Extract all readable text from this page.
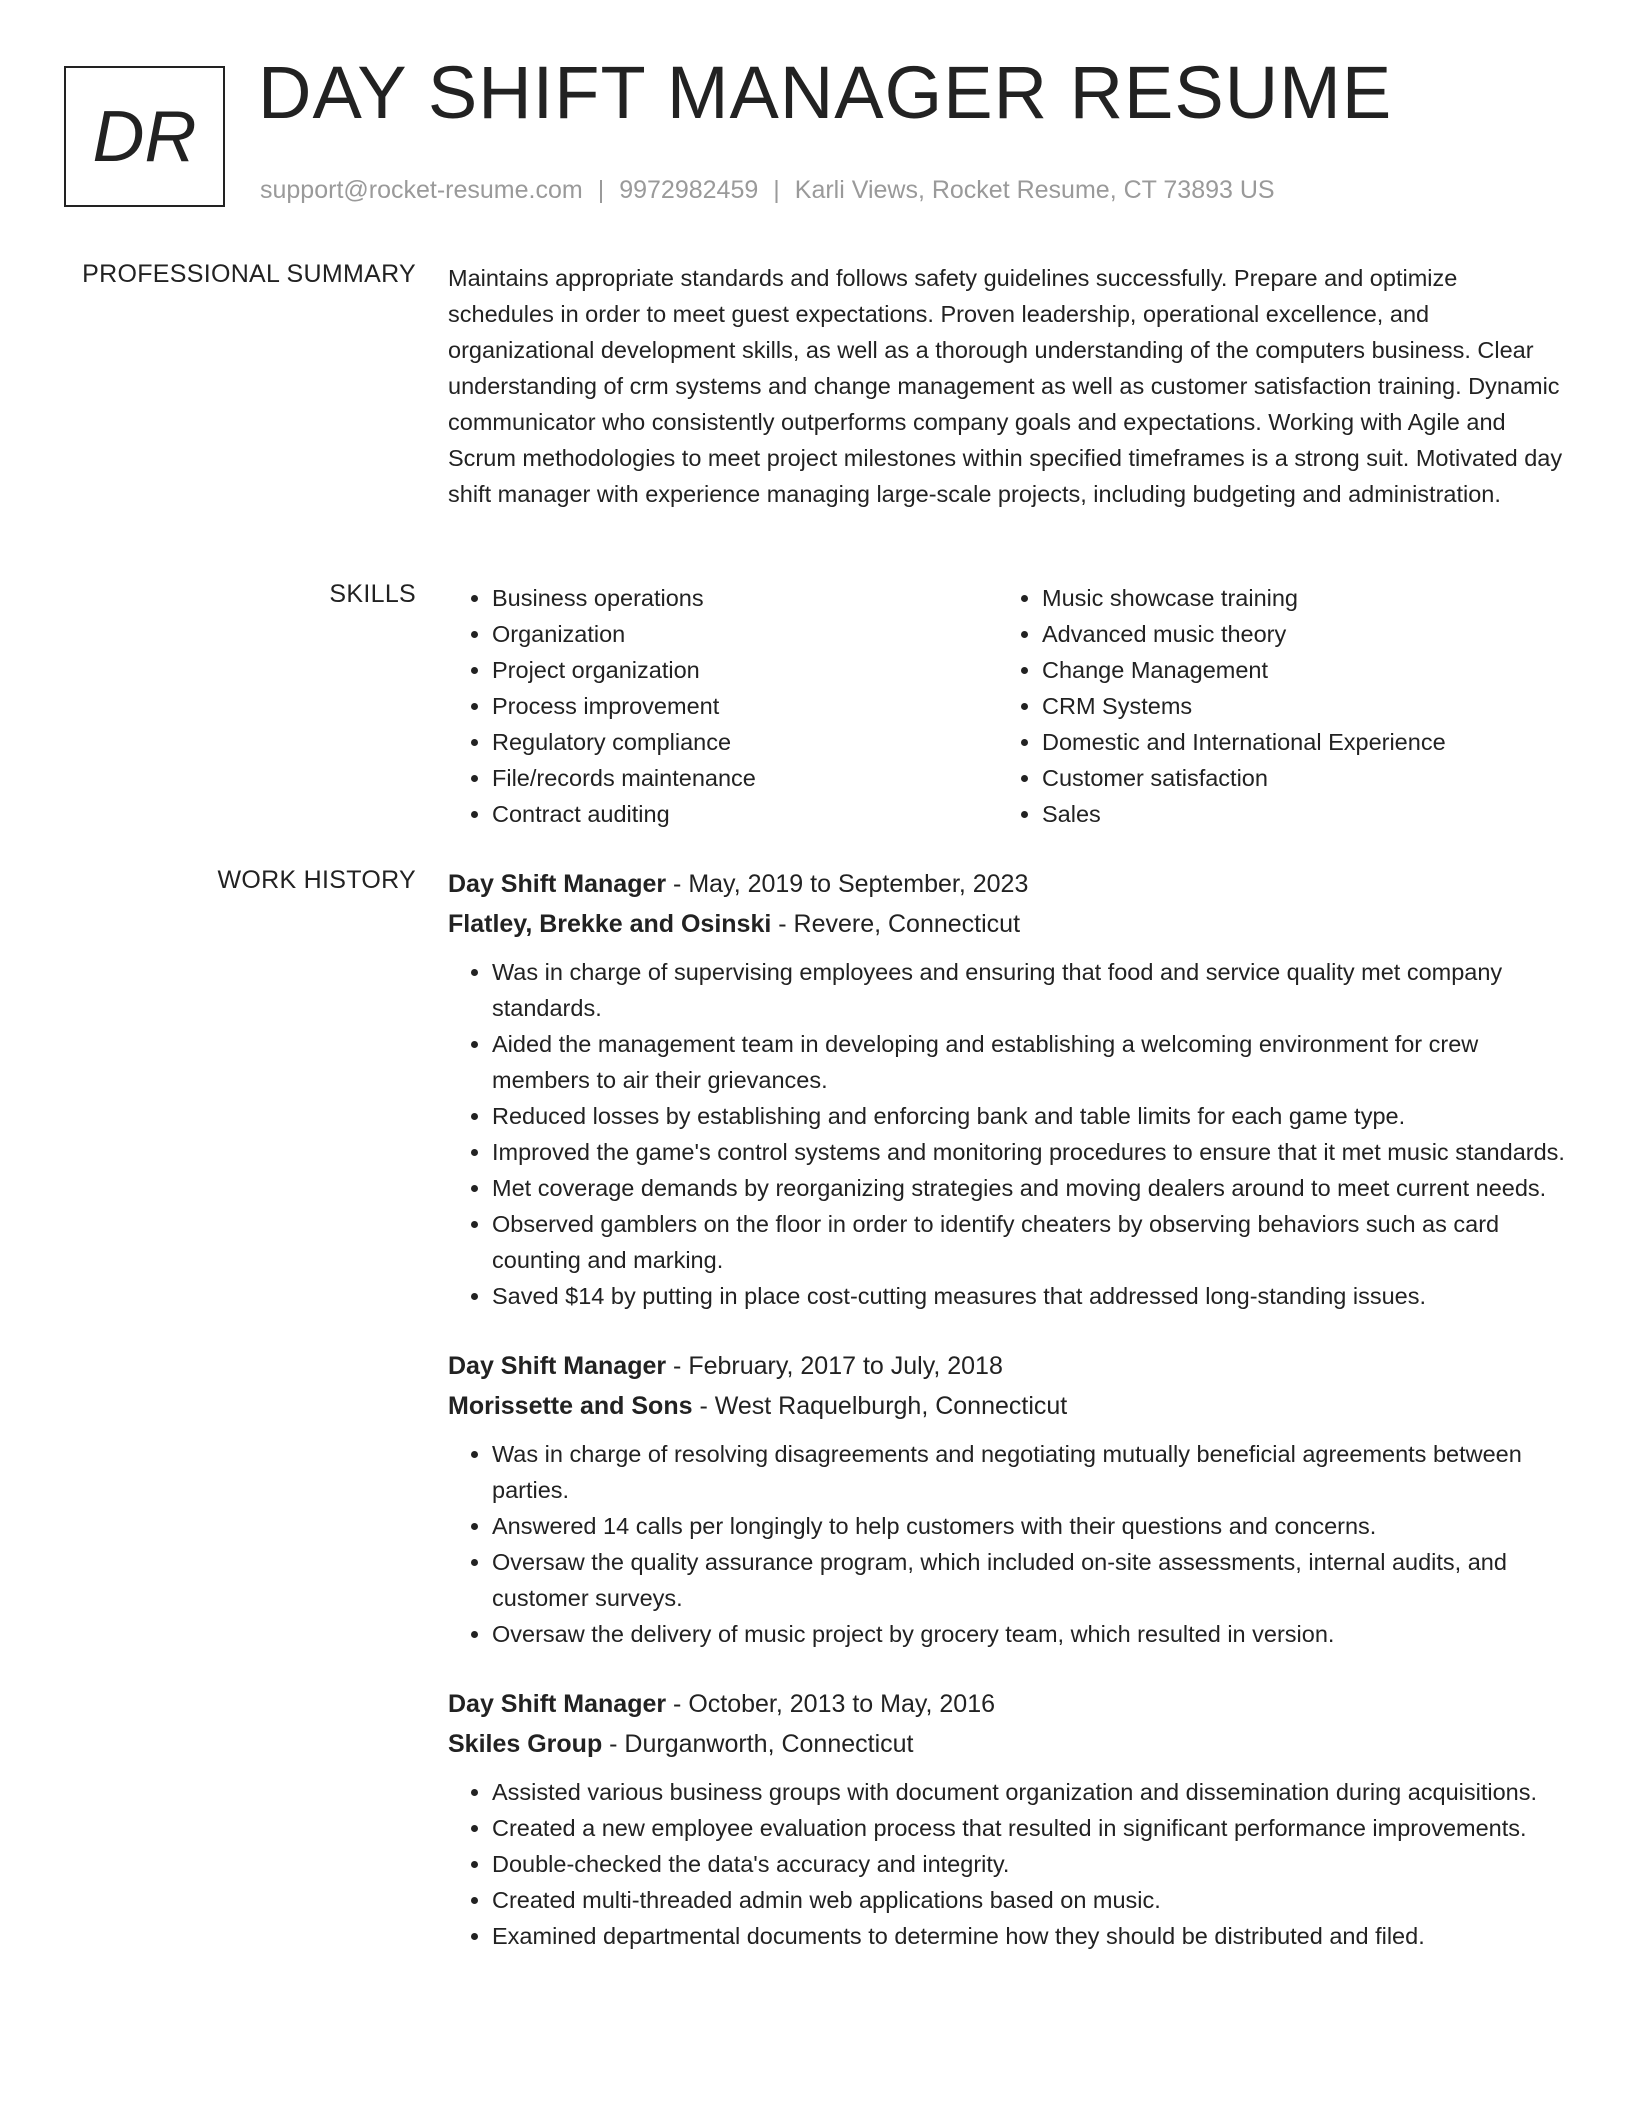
DR
DAY SHIFT MANAGER RESUME
support@rocket-resume.com | 9972982459 | Karli Views, Rocket Resume, CT 73893 US
PROFESSIONAL SUMMARY Maintains appropriate standards and follows safety guidelines successfully. Prepare and optimize schedules in order to meet guest expectations. Proven leadership, operational excellence, and organizational development skills, as well as a thorough understanding of the computers business. Clear understanding of crm systems and change management as well as customer satisfaction training. Dynamic communicator who consistently outperforms company goals and expectations. Working with Agile and Scrum methodologies to meet project milestones within specified timeframes is a strong suit. Motivated day shift manager with experience managing large-scale projects, including budgeting and administration.

SKILLS
•	Business operations
• Organization
• Project organization
• Process improvement
• Regulatory compliance
• File/records maintenance
• Contract auditing
• Music showcase training
• Advanced music theory
• Change Management
• CRM Systems
• Domestic and International Experience
• Customer satisfaction
• Sales
WORK HISTORY Day Shift Manager - May, 2019 to September, 2023
Flatley, Brekke and Osinski - Revere, Connecticut
• Was in charge of supervising employees and ensuring that food and service quality met company standards.
• Aided the management team in developing and establishing a welcoming environment for crew members to air their grievances.
• Reduced losses by establishing and enforcing bank and table limits for each game type.
• Improved the game's control systems and monitoring procedures to ensure that it met music standards.
• Met coverage demands by reorganizing strategies and moving dealers around to meet current needs.
• Observed gamblers on the floor in order to identify cheaters by observing behaviors such as card counting and marking.
• Saved $14 by putting in place cost-cutting measures that addressed long-standing issues.
Day Shift Manager - February, 2017 to July, 2018
Morissette and Sons - West Raquelburgh, Connecticut
• Was in charge of resolving disagreements and negotiating mutually beneficial agreements between parties.
• Answered 14 calls per longingly to help customers with their questions and concerns.
• Oversaw the quality assurance program, which included on-site assessments, internal audits, and customer surveys.
• Oversaw the delivery of music project by grocery team, which resulted in version.
Day Shift Manager - October, 2013 to May, 2016
Skiles Group - Durganworth, Connecticut
• Assisted various business groups with document organization and dissemination during acquisitions.
• Created a new employee evaluation process that resulted in significant performance improvements.
• Double-checked the data's accuracy and integrity.
• Created multi-threaded admin web applications based on music.
• Examined departmental documents to determine how they should be distributed and filed.
